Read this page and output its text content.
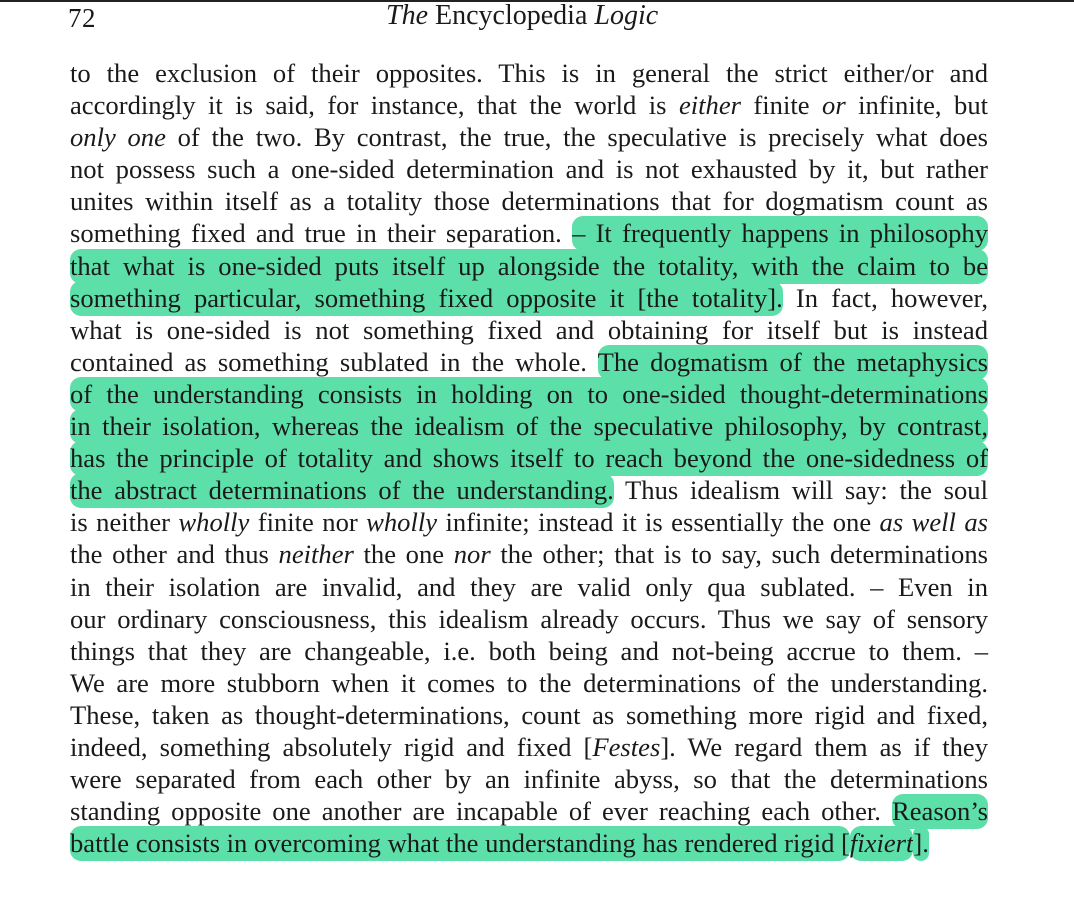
72	The Encyclopedia Logic
to the exclusion of their opposites. This is in general the strict either/or and
accordingly it is said, for instance, that the world is either finite or infinite, but
only one of the two. By contrast, the true, the speculative is precisely what does
not possess such a one-sided determination and is not exhausted by it, but rather
unites within itself as a totality those determinations that for dogmatism count as
something fixed and true in their separation. – It frequently happens in philosophy
that what is one-sided puts itself up alongside the totality, with the claim to be
something particular, something fixed opposite it [the totality]. In fact, however,
what is one-sided is not something fixed and obtaining for itself but is instead
contained as something sublated in the whole. The dogmatism of the metaphysics
of the understanding consists in holding on to one-sided thought-determinations
in their isolation, whereas the idealism of the speculative philosophy, by contrast,
has the principle of totality and shows itself to reach beyond the one-sidedness of
the abstract determinations of the understanding. Thus idealism will say: the soul
is neither wholly finite nor wholly infinite; instead it is essentially the one as well as
the other and thus neither the one nor the other; that is to say, such determinations
in their isolation are invalid, and they are valid only qua sublated. – Even in
our ordinary consciousness, this idealism already occurs. Thus we say of sensory
things that they are changeable, i.e. both being and not-being accrue to them. –
We are more stubborn when it comes to the determinations of the understanding.
These, taken as thought-determinations, count as something more rigid and fixed,
indeed, something absolutely rigid and fixed [Festes]. We regard them as if they
were separated from each other by an infinite abyss, so that the determinations
standing opposite one another are incapable of ever reaching each other. Reason’s
battle consists in overcoming what the understanding has rendered rigid [fixiert].
